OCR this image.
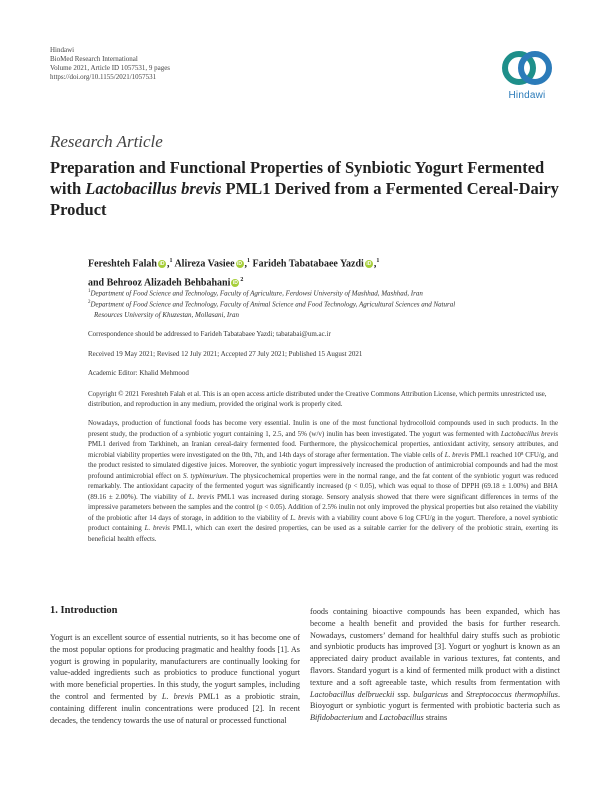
Hindawi
BioMed Research International
Volume 2021, Article ID 1057531, 9 pages
https://doi.org/10.1155/2021/1057531
Hindawi
Research Article
Preparation and Functional Properties of Synbiotic Yogurt Fermented with Lactobacillus brevis PML1 Derived from a Fermented Cereal-Dairy Product
Fereshteh Falah iD ,$^1$ Alireza Vasiee iD ,$^1$ Farideh Tabatabaee Yazdi iD ,$^1$
and Behrooz Alizadeh Behbahani $iD^2$
$^1$Department of Food Science and Technology, Faculty of Agriculture, Ferdowsi University of Mashhad, Mashhad, Iran
$^2$Department of Food Science and Technology, Faculty of Animal Science and Food Technology, Agricultural Sciences and Natural
Resources University of Khuzestan, Mollasani, Iran
Correspondence should be addressed to Farideh Tabatabaee Yazdi; tabatabai@um.ac.ir
Received 19 May 2021; Revised 12 July 2021; Accepted 27 July 2021; Published 15 August 2021
Academic Editor: Khalid Mehmood
Copyright © 2021 Fereshteh Falah et al. This is an open access article distributed under the Creative Commons Attribution License, which permits unrestricted use, distribution, and reproduction in any medium, provided the original work is properly cited.
Nowadays, production of functional foods has become very essential. Inulin is one of the most functional hydrocolloid compounds used in such products. In the present study, the production of a synbiotic yogurt containing 1, 2.5, and 5% (w/v) inulin has been investigated. The yogurt was fermented with Lactobacillus brevis PML1 derived from Tarkhineh, an Iranian cereal-dairy fermented food. Furthermore, the physicochemical properties, antioxidant activity, sensory attributes, and microbial viability properties were investigated on the 0th, 7th, and 14th days of storage after fermentation. The viable cells of L. brevis PML1 reached 10⁸ CFU/g, and the product resisted to simulated digestive juices. Moreover, the synbiotic yogurt impressively increased the production of antimicrobial compounds and had the most profound antimicrobial effect on S. typhimurium. The physicochemical properties were in the normal range, and the fat content of the synbiotic yogurt was reduced remarkably. The antioxidant capacity of the fermented yogurt was significantly increased (p < 0.05), which was equal to those of DPPH (69.18 ± 1.00%) and BHA (89.16 ± 2.00%). The viability of L. brevis PML1 was increased during storage. Sensory analysis showed that there were significant differences in terms of the impressive parameters between the samples and the control (p < 0.05). Addition of 2.5% inulin not only improved the physical properties but also retained the viability of the probiotic after 14 days of storage, in addition to the viability of L. brevis with a viability count above 6 log CFU/g in the yogurt. Therefore, a novel synbiotic product containing L. brevis PML1, which can exert the desired properties, can be used as a suitable carrier for the delivery of the probiotic strain, exerting its beneficial health effects.
1. Introduction
Yogurt is an excellent source of essential nutrients, so it has become one of the most popular options for producing pragmatic and healthy foods [1]. As yogurt is growing in popularity, manufacturers are continually looking for value-added ingredients such as probiotics to produce functional yogurt with more beneficial properties. In this study, the yogurt samples, including the control and fermented by L. brevis PML1 as a probiotic strain, containing different inulin concentrations were produced [2]. In recent decades, the tendency towards the use of natural or processed functional
foods containing bioactive compounds has been expanded, which has become a health benefit and provided the basis for further research. Nowadays, customers’ demand for healthful dairy stuffs such as probiotic and synbiotic products has improved [3]. Yogurt or yoghurt is known as an appreciated dairy product available in various textures, fat contents, and flavors. Standard yogurt is a kind of fermented milk product with a distinct texture and a soft agreeable taste, which results from fermentation with Lactobacillus delbrueckii ssp. bulgaricus and Streptococcus thermophilus. Bioyogurt or synbiotic yogurt is fermented with probiotic bacteria such as Bifidobacterium and Lactobacillus strains
